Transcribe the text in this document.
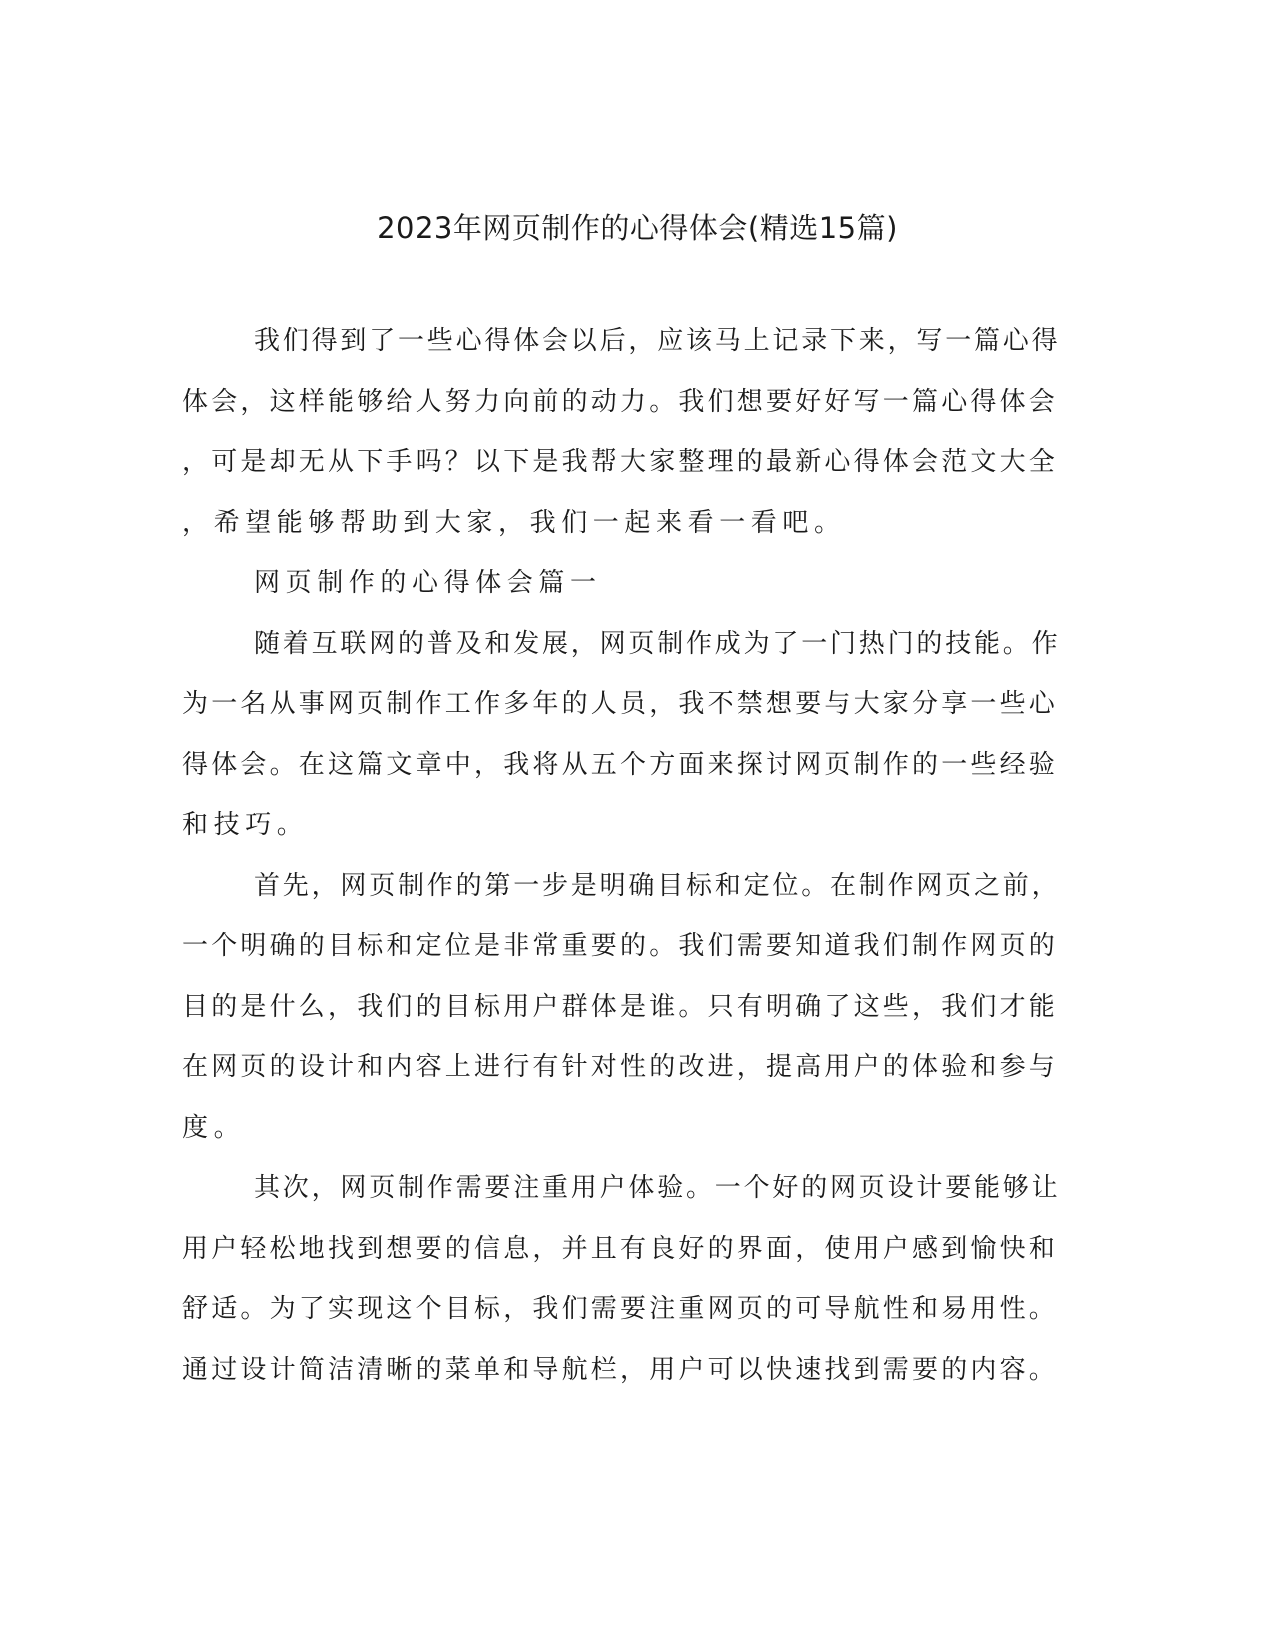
2023年网页制作的心得体会(精选15篇)
我们得到了一些心得体会以后，应该马上记录下来，写一篇心得
体会，这样能够给人努力向前的动力。我们想要好好写一篇心得体会
，可是却无从下手吗？以下是我帮大家整理的最新心得体会范文大全
，希望能够帮助到大家，我们一起来看一看吧。
网页制作的心得体会篇一
随着互联网的普及和发展，网页制作成为了一门热门的技能。作
为一名从事网页制作工作多年的人员，我不禁想要与大家分享一些心
得体会。在这篇文章中，我将从五个方面来探讨网页制作的一些经验
和技巧。
首先，网页制作的第一步是明确目标和定位。在制作网页之前，
一个明确的目标和定位是非常重要的。我们需要知道我们制作网页的
目的是什么，我们的目标用户群体是谁。只有明确了这些，我们才能
在网页的设计和内容上进行有针对性的改进，提高用户的体验和参与
度。
其次，网页制作需要注重用户体验。一个好的网页设计要能够让
用户轻松地找到想要的信息，并且有良好的界面，使用户感到愉快和
舒适。为了实现这个目标，我们需要注重网页的可导航性和易用性。
通过设计简洁清晰的菜单和导航栏，用户可以快速找到需要的内容。
